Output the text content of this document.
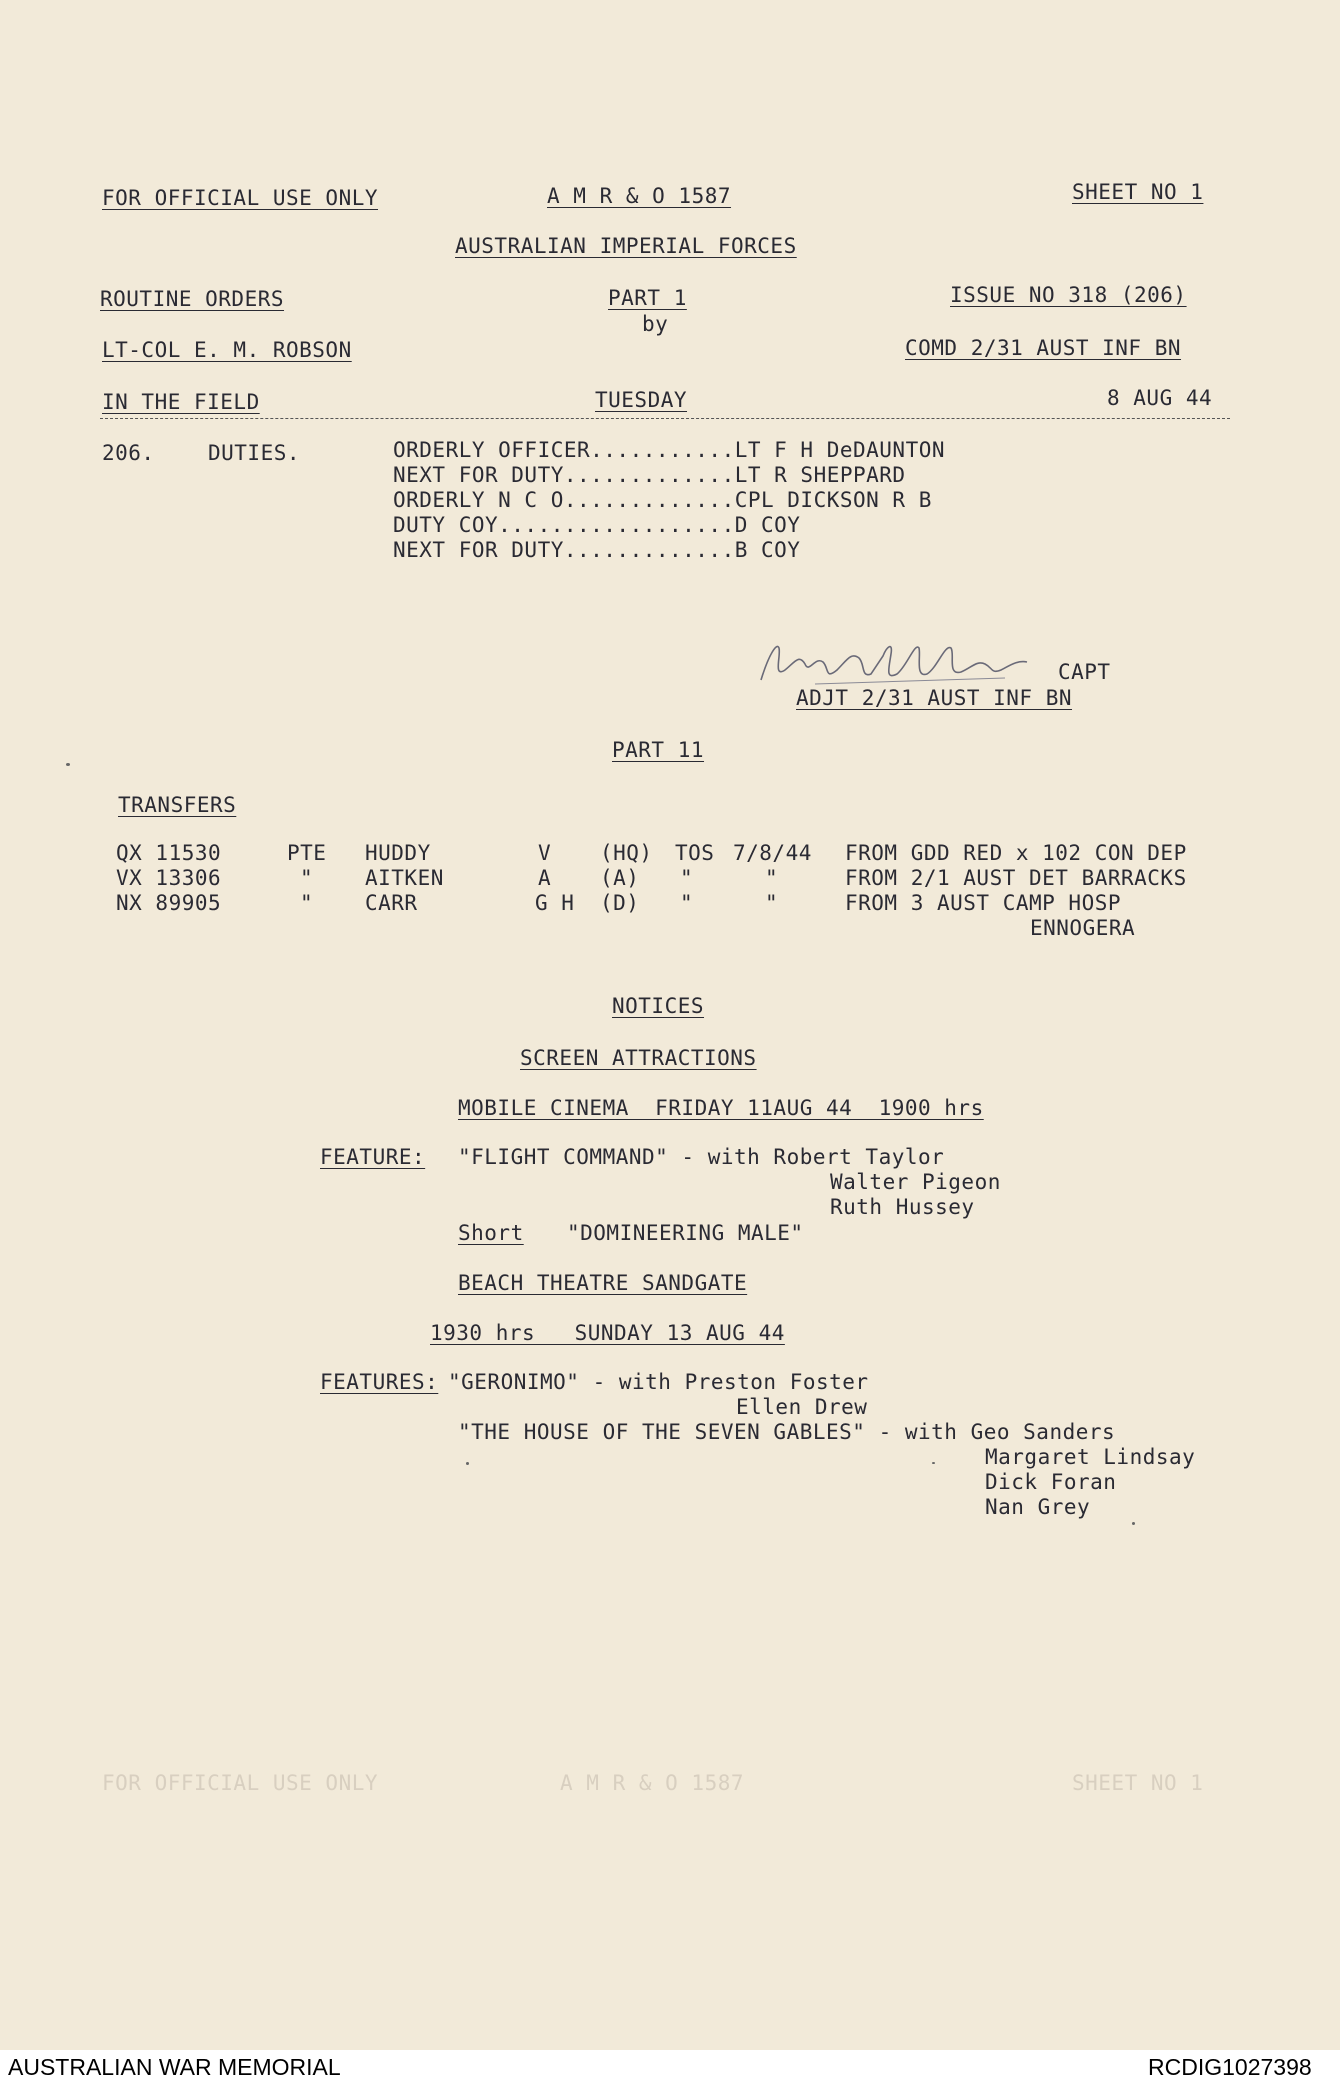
FOR OFFICIAL USE ONLY	A M R & O 1587	SHEET NO 1
AUSTRALIAN IMPERIAL FORCES
ROUTINE ORDERS	PART 1
by
ISSUE NO 318 (206)
LT-COL E. M. ROBSON	COMD 2/31 AUST INF BN
IN THE FIELD	TUESDAY	8 AUG 44
206.	DUTIES.	ORDERLY OFFICER...........LT F H DeDAUNTON
NEXT FOR DUTY.............LT R SHEPPARD
ORDERLY N C O.............CPL DICKSON R B
DUTY COY..................D COY
NEXT FOR DUTY.............B COY
CAPT
ADJT 2/31 AUST INF BN
PART 11
TRANSFERS
QX 11530	PTE HUDDY	V (HQ) TOS 7/8/44 FROM GDD RED x 102 CON DEP
VX 13306	" AITKEN	A (A) "	"	FROM 2/1 AUST DET BARRACKS
NX 89905	" CARR	G H (D) "	"	FROM 3 AUST CAMP HOSP
ENNOGERA
NOTICES
SCREEN ATTRACTIONS
MOBILE CINEMA  FRIDAY 11AUG 44  1900 hrs
FEATURE: "FLIGHT COMMAND" - with Robert Taylor
Walter Pigeon
Ruth Hussey
Short "DOMINEERING MALE"
BEACH THEATRE SANDGATE
1930 hrs   SUNDAY 13 AUG 44
FEATURES: "GERONIMO" - with Preston Foster
Ellen Drew
"THE HOUSE OF THE SEVEN GABLES" - with Geo Sanders
Margaret Lindsay
Dick Foran
Nan Grey
FOR OFFICIAL USE ONLY	A M R & O 1587	SHEET NO 1
AUSTRALIAN WAR MEMORIAL	RCDIG1027398
